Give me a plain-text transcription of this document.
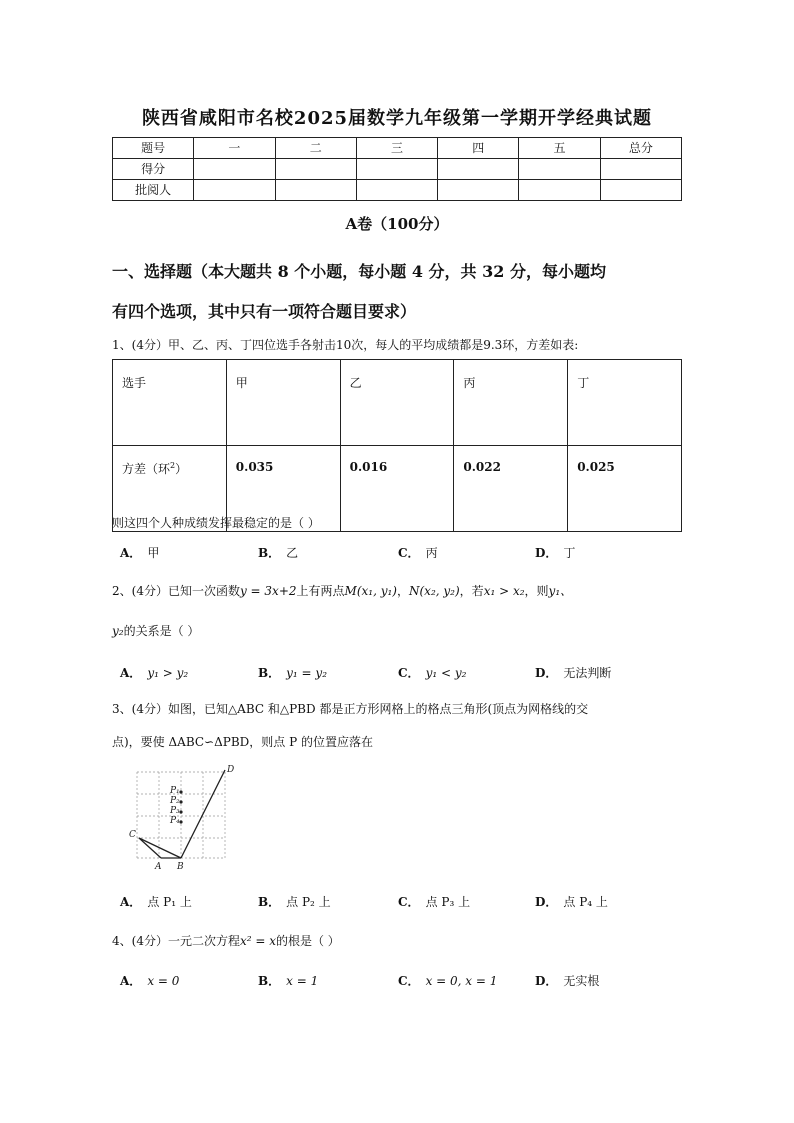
陕西省咸阳市名校2025届数学九年级第一学期开学经典试题
题号	一	二	三	四	五	总分
得分						
批阅人						
A卷（100分）
一、选择题（本大题共 8 个小题，每小题 4 分，共 32 分，每小题均
有四个选项，其中只有一项符合题目要求）
1、(4分）甲、乙、丙、丁四位选手各射击10次，每人的平均成绩都是9.3环，方差如表:
选手	甲	乙	丙	丁
方差（环$^2$）	0.035	0.016	0.022	0.025
则这四个人种成绩发挥最稳定的是（ ）
A． 甲	B． 乙	C． 丙	D． 丁
2、(4分）已知一次函数y = 3x+2上有两点M(x₁, y₁)，N(x₂, y₂)，若x₁ > x₂，则y₁、
y₂的关系是（ ）
A． y₁ > y₂	B． y₁ = y₂	C． y₁ < y₂	D． 无法判断
3、(4分）如图，已知△ABC 和△PBD 都是正方形网格上的格点三角形(顶点为网格线的交
点)，要使 ΔABC∽ΔPBD，则点 P 的位置应落在
D
P₁
P₂
P₃
P₄
C
A B
A． 点 P₁ 上	B． 点 P₂ 上	C． 点 P₃ 上	D． 点 P₄ 上
4、(4分）一元二次方程x² = x的根是（ ）
A． x = 0	B． x = 1	C． x = 0, x = 1	D． 无实根
